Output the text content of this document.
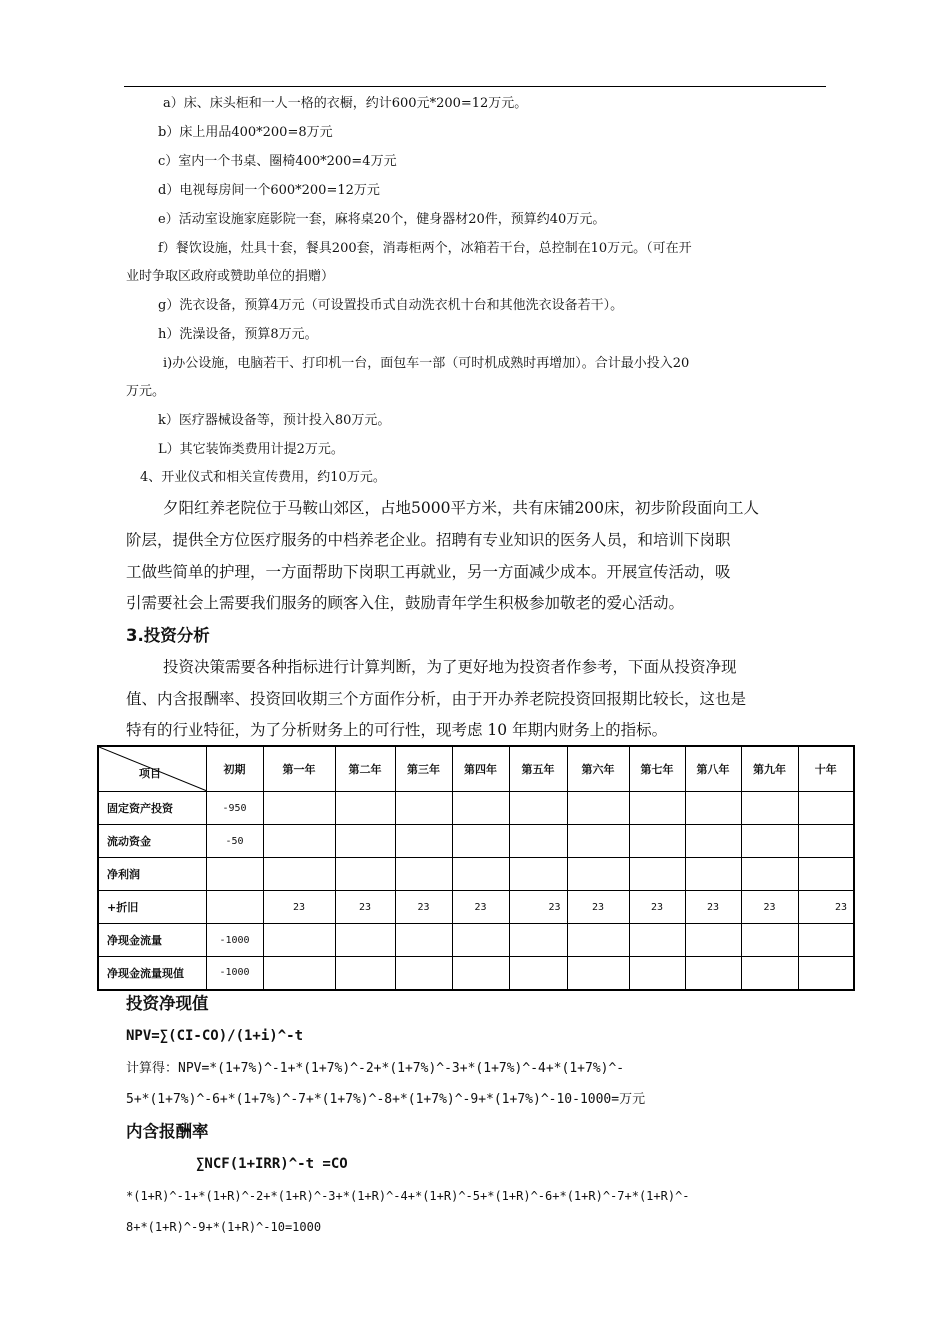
a）床、床头柜和一人一格的衣橱，约计600元*200=12万元。
b）床上用品400*200=8万元
c）室内一个书桌、圈椅400*200=4万元
d）电视每房间一个600*200=12万元
e）活动室设施家庭影院一套，麻将桌20个，健身器材20件，预算约40万元。
f）餐饮设施，灶具十套，餐具200套，消毒柜两个，冰箱若干台，总控制在10万元。（可在开
业时争取区政府或赞助单位的捐赠）
g）洗衣设备，预算4万元（可设置投币式自动洗衣机十台和其他洗衣设备若干）。
h）洗澡设备，预算8万元。
i)办公设施，电脑若干、打印机一台，面包车一部（可时机成熟时再增加）。合计最小投入20
万元。
k）医疗器械设备等，预计投入80万元。
L）其它装饰类费用计提2万元。
4、开业仪式和相关宣传费用，约10万元。
夕阳红养老院位于马鞍山郊区，占地5000平方米，共有床铺200床，初步阶段面向工人
阶层，提供全方位医疗服务的中档养老企业。招聘有专业知识的医务人员，和培训下岗职
工做些简单的护理，一方面帮助下岗职工再就业，另一方面减少成本。开展宣传活动，吸
引需要社会上需要我们服务的顾客入住，鼓励青年学生积极参加敬老的爱心活动。
3.投资分析
投资决策需要各种指标进行计算判断，为了更好地为投资者作参考，下面从投资净现
值、内含报酬率、投资回收期三个方面作分析，由于开办养老院投资回报期比较长，这也是
特有的行业特征，为了分析财务上的可行性，现考虑 10 年期内财务上的指标。
项目	初期	第一年	第二年	第三年	第四年	第五年	第六年	第七年	第八年	第九年	十年
固定资产投资	-950										
流动资金	-50										
净利润											
+折旧		23	23	23	23	23	23	23	23	23	23
净现金流量	-1000										
净现金流量现值	-1000										
投资净现值
NPV=∑(CI-CO)/(1+i)^-t
计算得：NPV=*(1+7%)^-1+*(1+7%)^-2+*(1+7%)^-3+*(1+7%)^-4+*(1+7%)^-
5+*(1+7%)^-6+*(1+7%)^-7+*(1+7%)^-8+*(1+7%)^-9+*(1+7%)^-10-1000=万元
内含报酬率
∑NCF(1+IRR)^-t =CO
*(1+R)^-1+*(1+R)^-2+*(1+R)^-3+*(1+R)^-4+*(1+R)^-5+*(1+R)^-6+*(1+R)^-7+*(1+R)^-
8+*(1+R)^-9+*(1+R)^-10=1000
